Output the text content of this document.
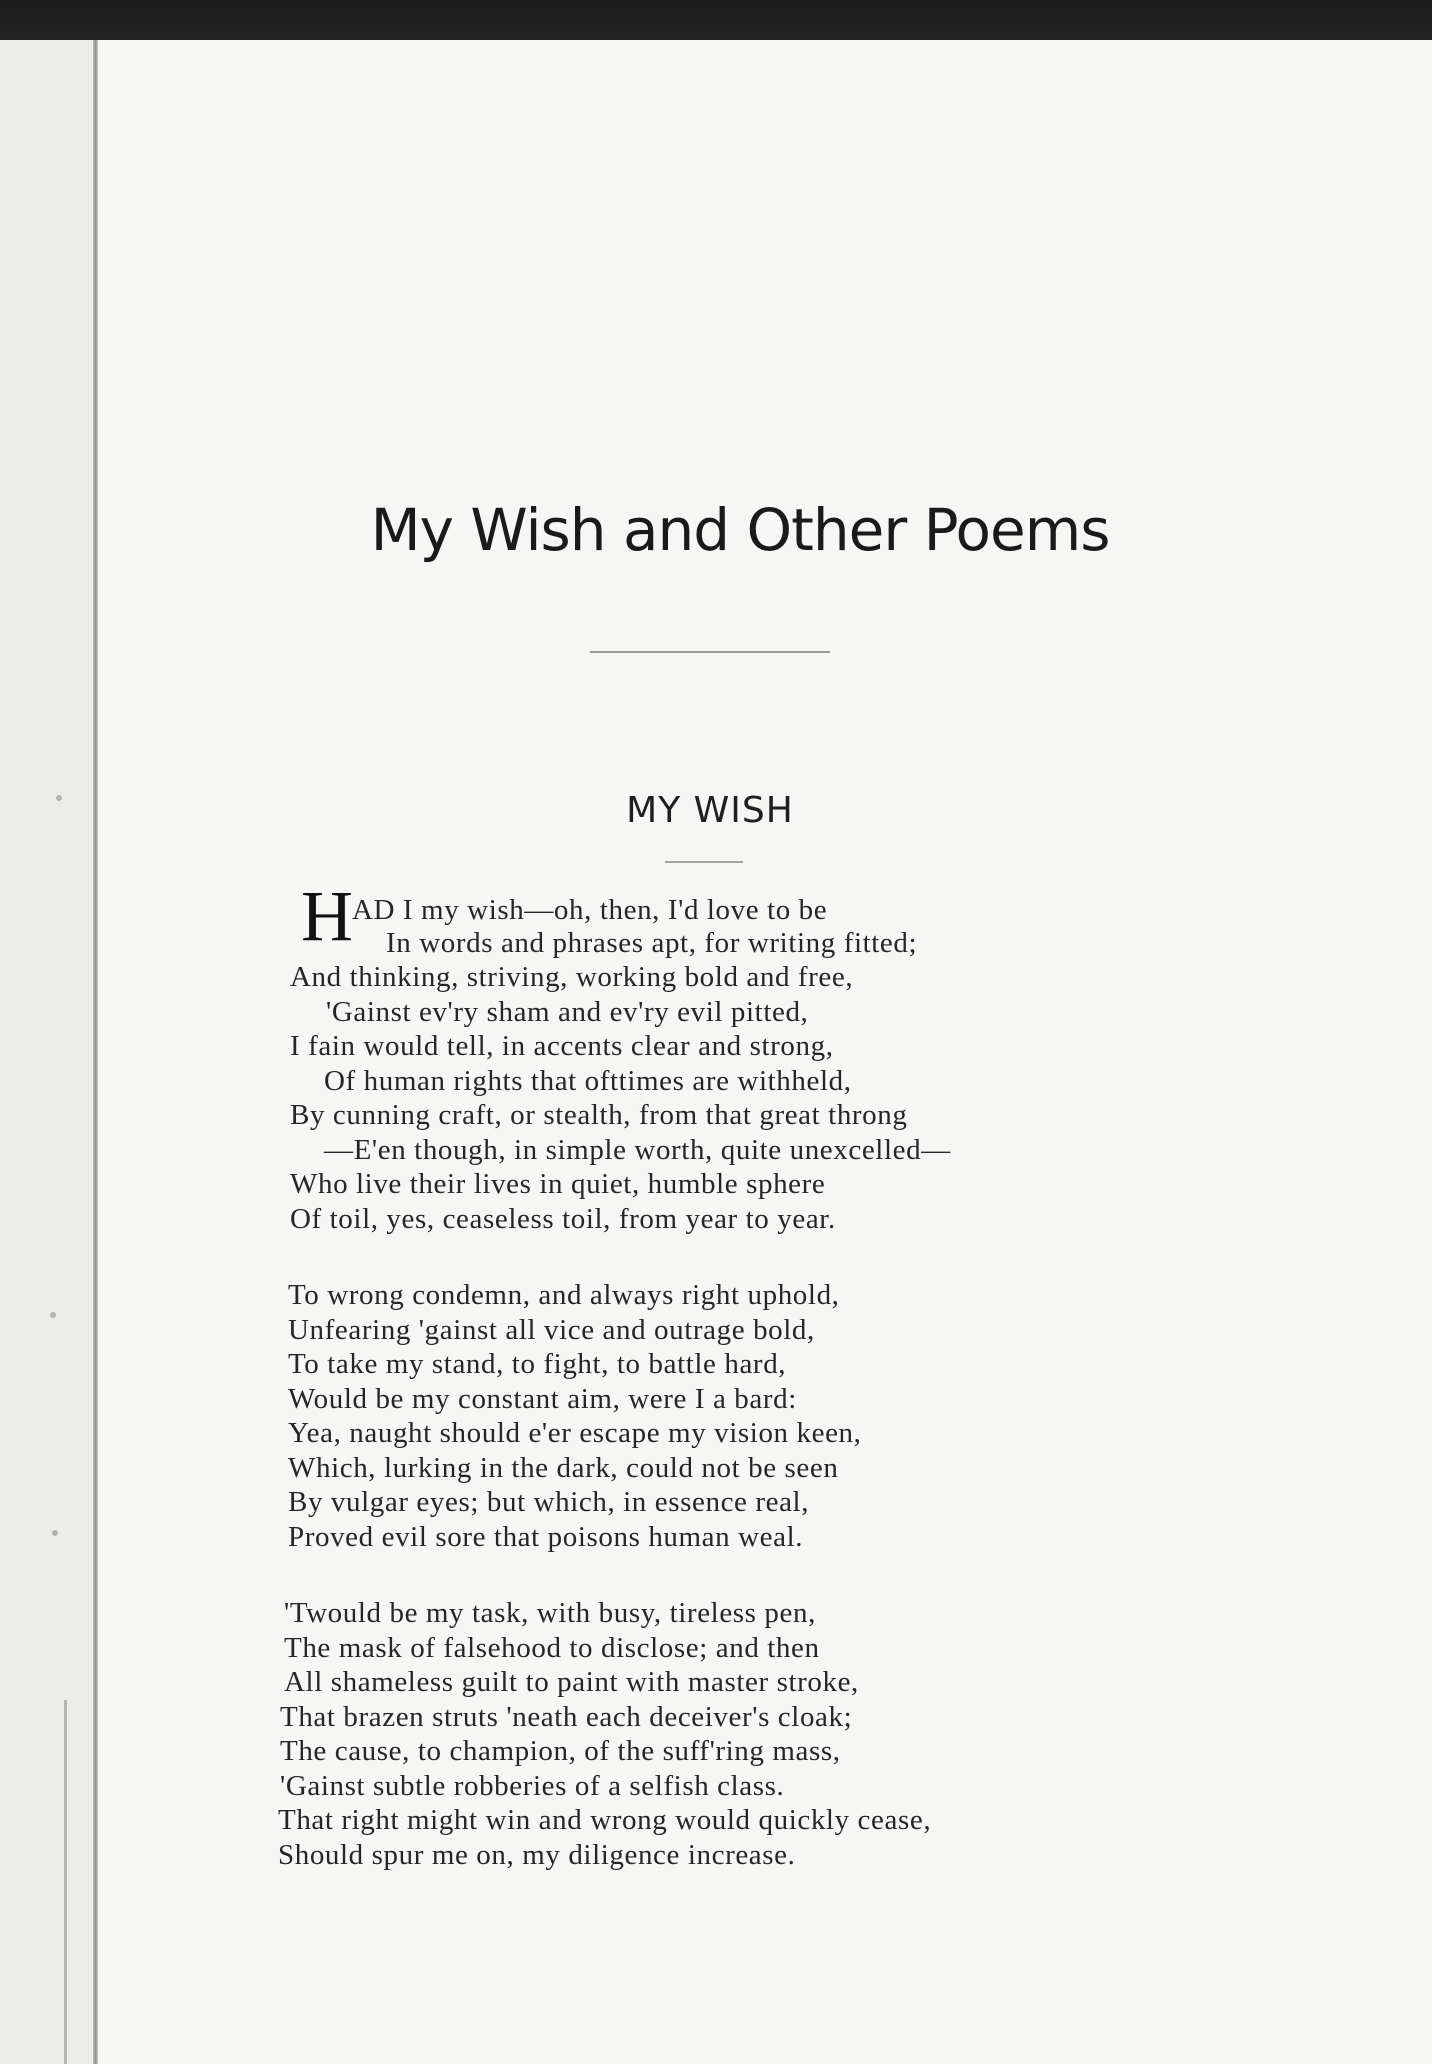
My Wish and Other Poems
MY WISH
H AD I my wish—oh, then, I'd love to be
In words and phrases apt, for writing fitted;
And thinking, striving, working bold and free,
'Gainst ev'ry sham and ev'ry evil pitted,
I fain would tell, in accents clear and strong,
Of human rights that ofttimes are withheld,
By cunning craft, or stealth, from that great throng
—E'en though, in simple worth, quite unexcelled—
Who live their lives in quiet, humble sphere
Of toil, yes, ceaseless toil, from year to year.
To wrong condemn, and always right uphold,
Unfearing 'gainst all vice and outrage bold,
To take my stand, to fight, to battle hard,
Would be my constant aim, were I a bard:
Yea, naught should e'er escape my vision keen,
Which, lurking in the dark, could not be seen
By vulgar eyes; but which, in essence real,
Proved evil sore that poisons human weal.
'Twould be my task, with busy, tireless pen,
The mask of falsehood to disclose; and then
All shameless guilt to paint with master stroke,
That brazen struts 'neath each deceiver's cloak;
The cause, to champion, of the suff'ring mass,
'Gainst subtle robberies of a selfish class.
That right might win and wrong would quickly cease,
Should spur me on, my diligence increase.
